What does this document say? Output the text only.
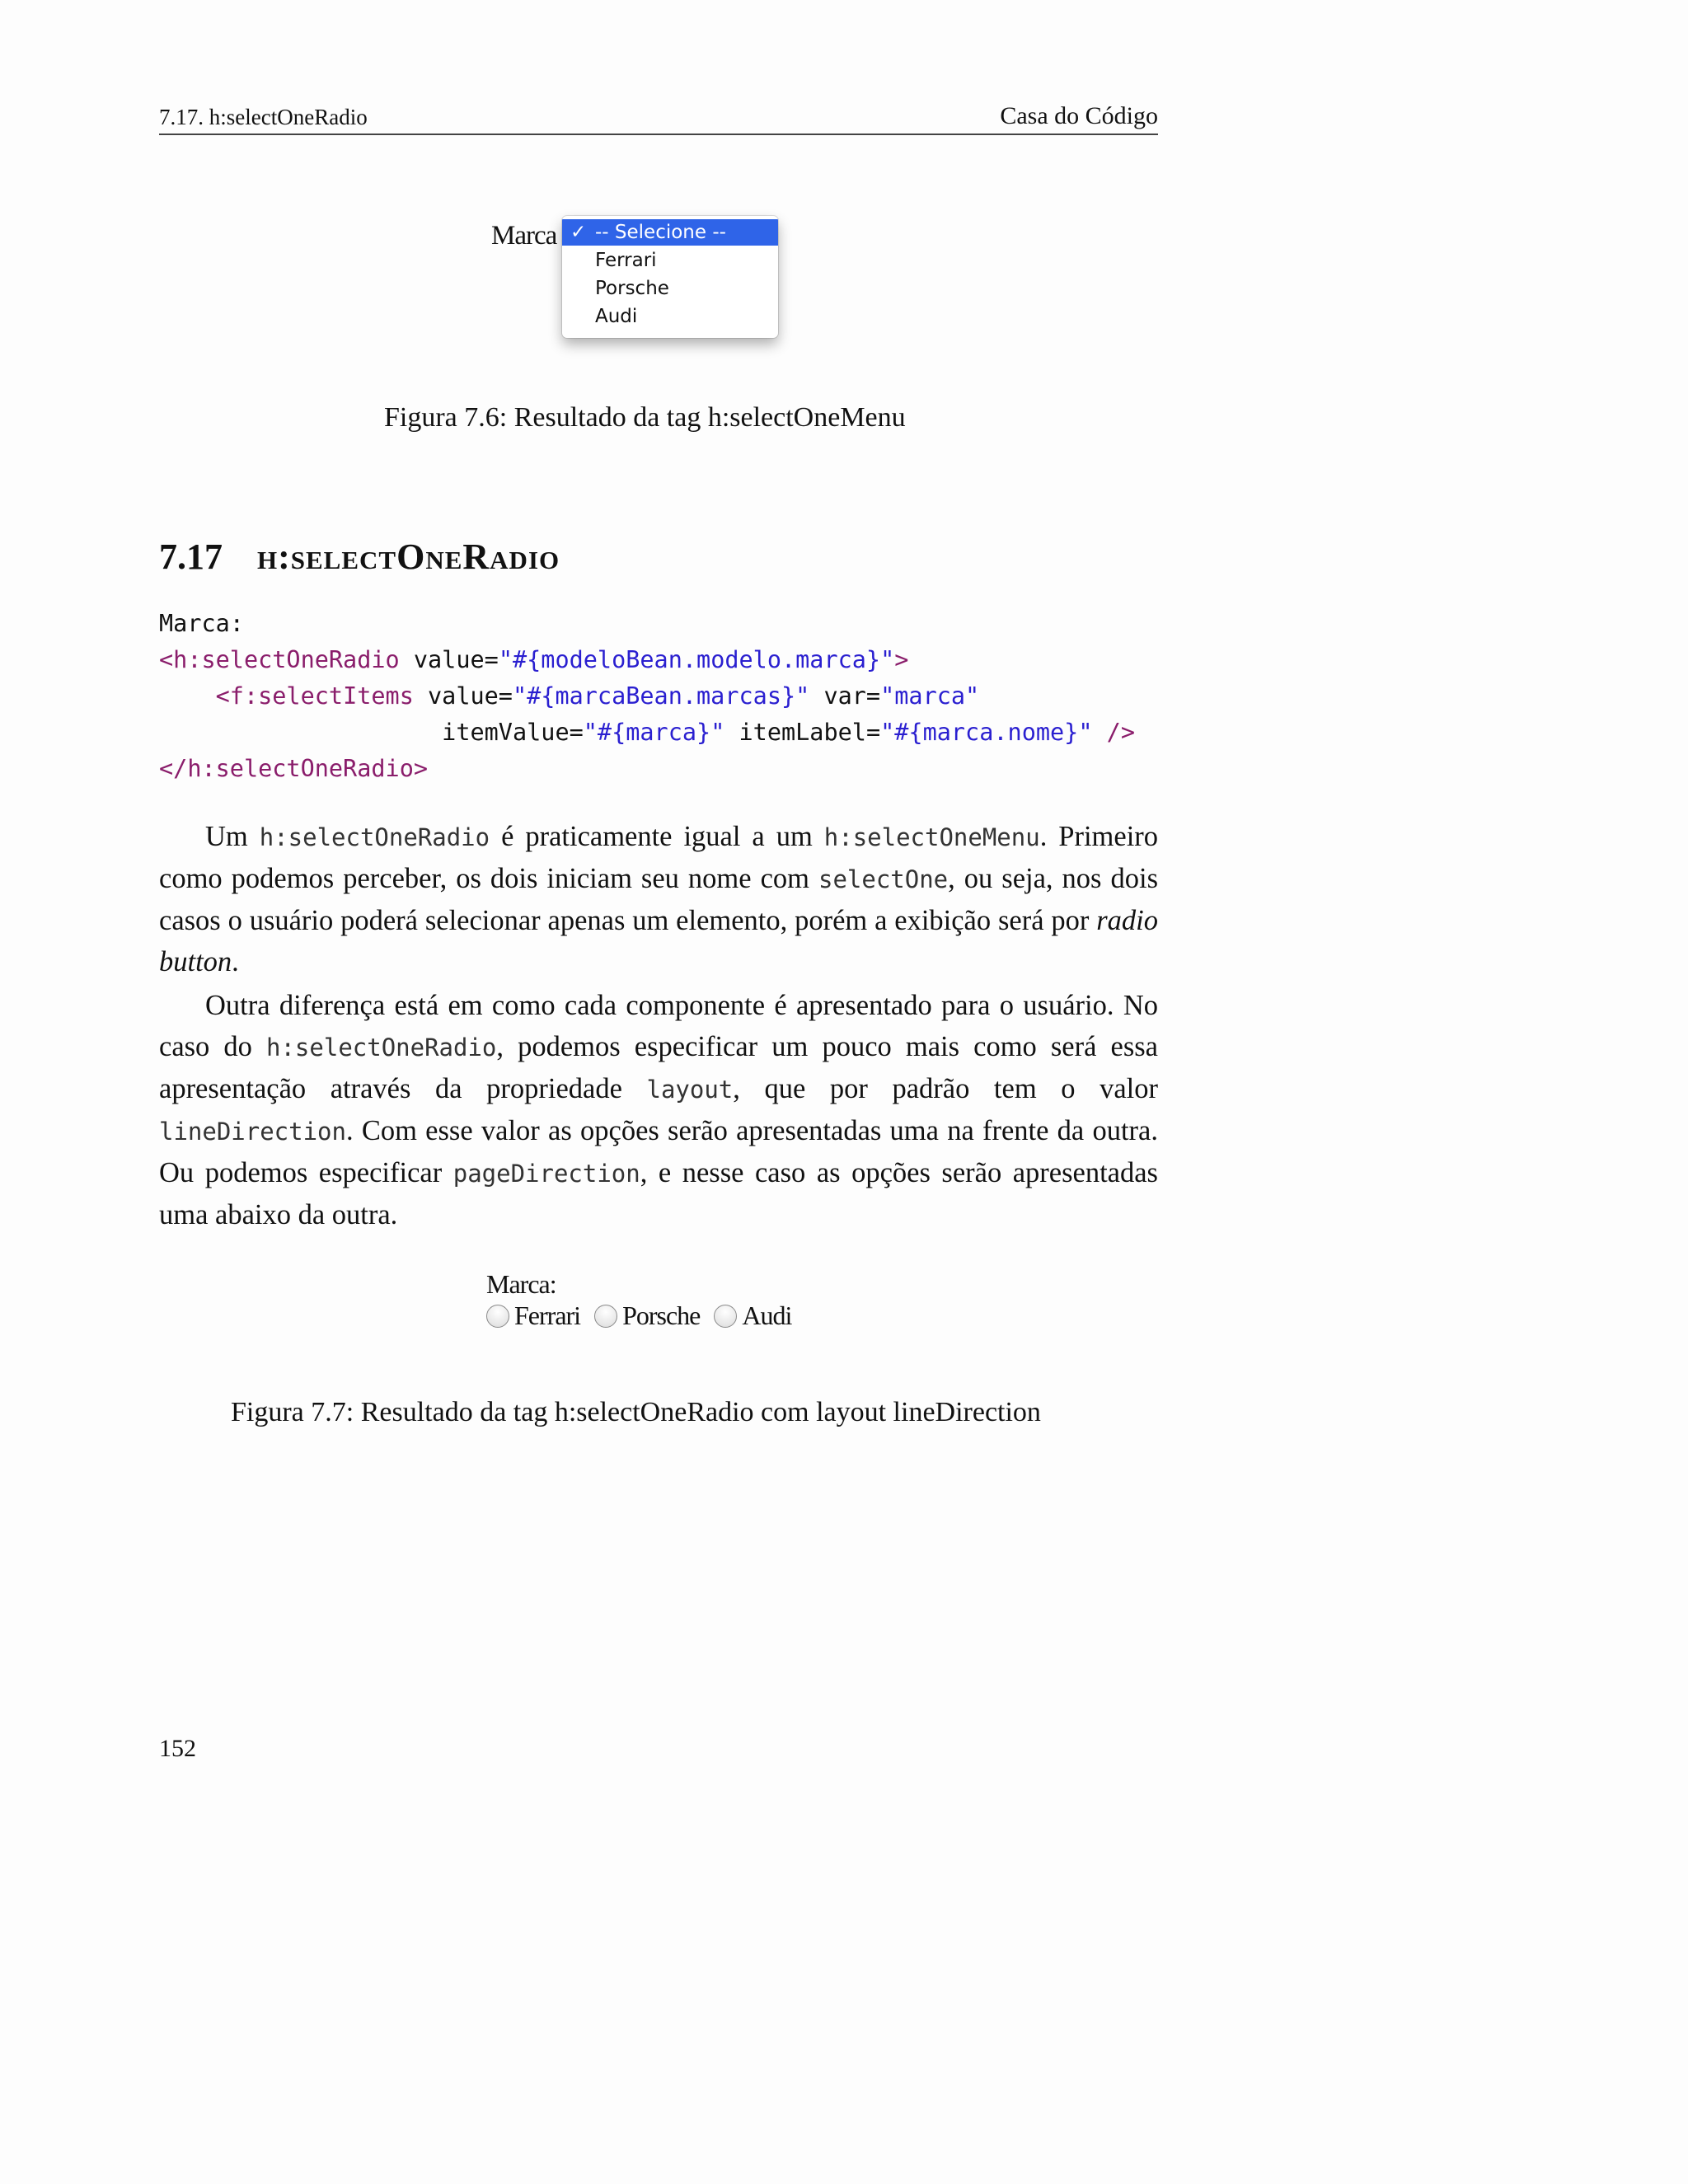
7.17. h:selectOneRadio	Casa do Código
Marca ✓ -- Selecione --
Ferrari
Porsche
Audi
Figura 7.6: Resultado da tag h:selectOneMenu
7.17 h:selectOneRadio
Marca:
<h:selectOneRadio value="#{modeloBean.modelo.marca}">
<f:selectItems value="#{marcaBean.marcas}" var="marca"
itemValue="#{marca}" itemLabel="#{marca.nome}" />
</h:selectOneRadio>

Um h:selectOneRadio é praticamente igual a um h:selectOneMenu. Primeiro como podemos perceber, os dois iniciam seu nome com selectOne, ou seja, nos dois casos o usuário poderá selecionar apenas um elemento, porém a exibição será por radio button.

Outra diferença está em como cada componente é apresentado para o usuário. No caso do h:selectOneRadio, podemos especificar um pouco mais como será essa apresentação através da propriedade layout, que por padrão tem o valor lineDirection. Com esse valor as opções serão apresentadas uma na frente da outra. Ou podemos especificar pageDirection, e nesse caso as opções serão apresentadas uma abaixo da outra.

Marca:
Ferrari Porsche Audi
Figura 7.7: Resultado da tag h:selectOneRadio com layout lineDirection
152
